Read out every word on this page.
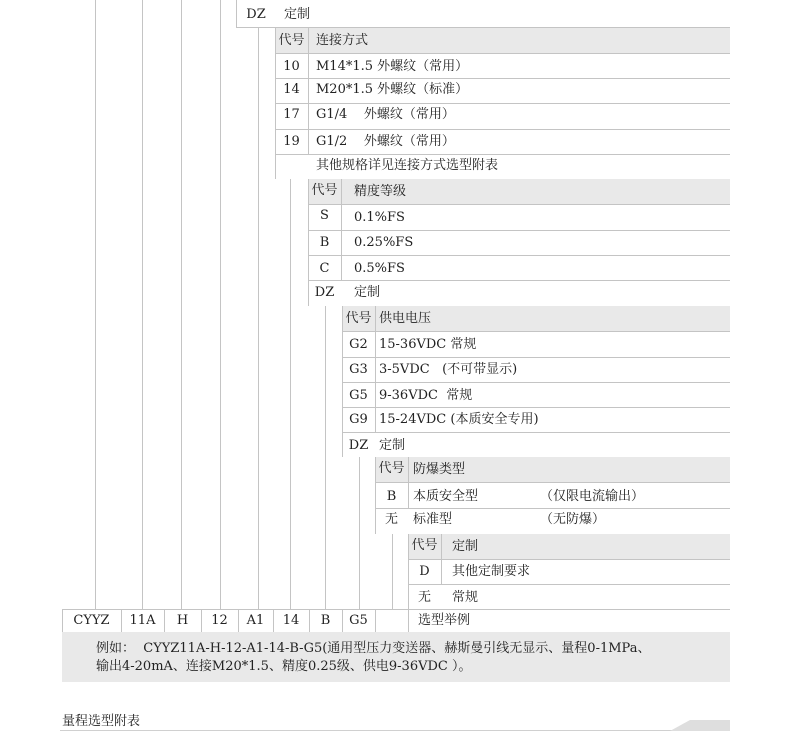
DZ	定制
代号 连接方式
10	M14*1.5 外螺纹（常用）
14	M20*1.5 外螺纹（标准）
17	G1/4    外螺纹（常用）
19	G1/2    外螺纹（常用）
其他规格详见连接方式选型附表
代号 精度等级
S	0.1%FS
B	0.25%FS
C	0.5%FS
DZ	定制
代号 供电电压
G2 15-36VDC 常规
G3 3-5VDC   (不可带显示)
G5 9-36VDC  常规
G9 15-24VDC (本质安全专用)
DZ 定制
代号 防爆类型
B	本质安全型	（仅限电流输出）
无	标准型	（无防爆）
代号 定制
D	其他定制要求
无	常规
CYYZ	11A	H	12	A1	14	B	G5	选型举例
例如：  CYYZ11A-H-12-A1-14-B-G5(通用型压力变送器、赫斯曼引线无显示、量程0-1MPa、
输出4-20mA、连接M20*1.5、精度0.25级、供电9-36VDC ）。
量程选型附表
